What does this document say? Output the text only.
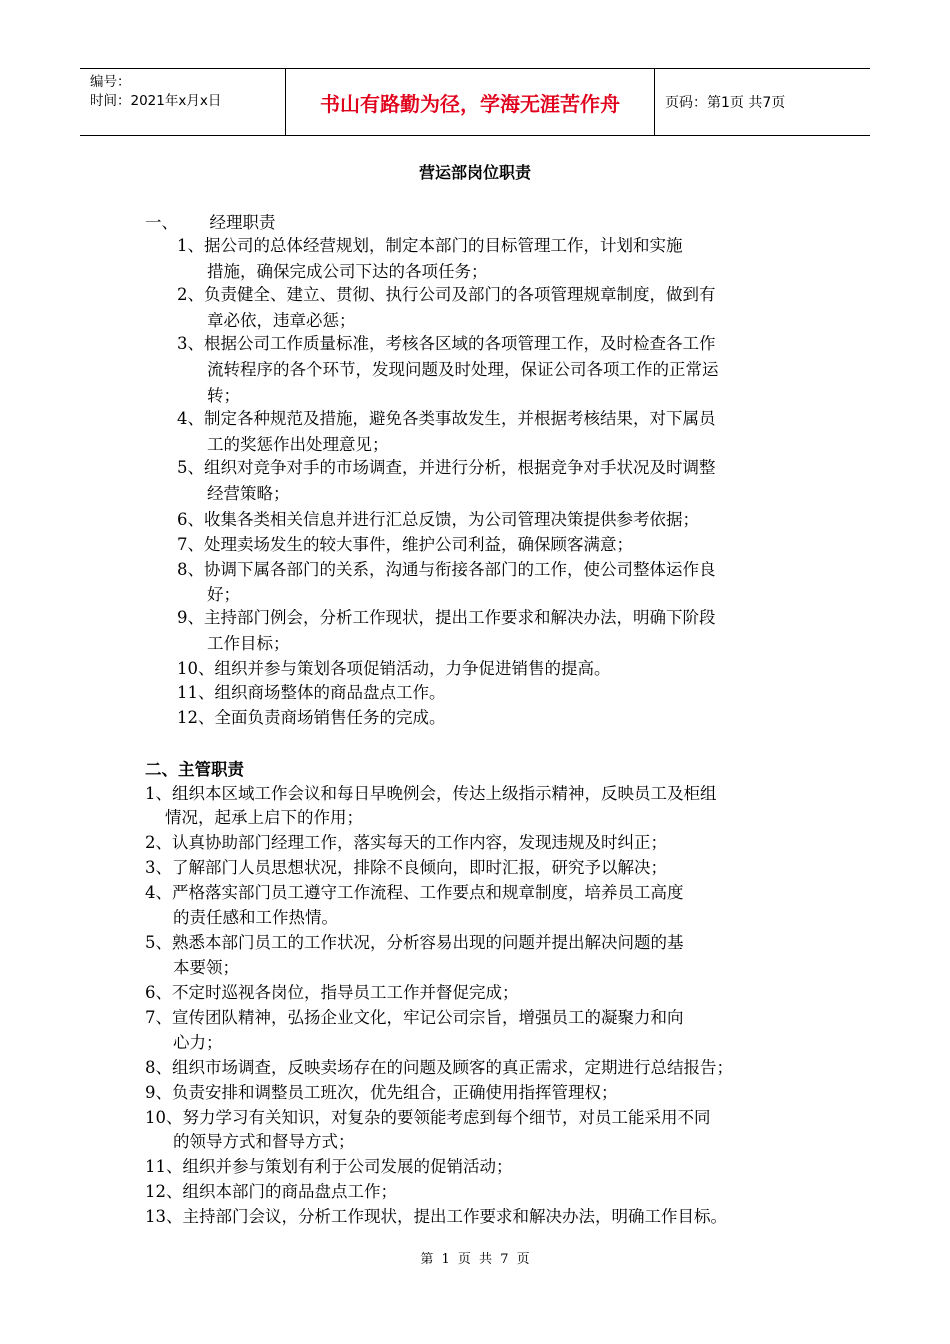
编号：
时间：2021年x月x日	书山有路勤为径，学海无涯苦作舟	页码：第1页 共7页
营运部岗位职责
一、      经理职责
1、据公司的总体经营规划，制定本部门的目标管理工作，计划和实施
措施，确保完成公司下达的各项任务；
2、负责健全、建立、贯彻、执行公司及部门的各项管理规章制度，做到有
章必依，违章必惩；
3、根据公司工作质量标准，考核各区域的各项管理工作，及时检查各工作
流转程序的各个环节，发现问题及时处理，保证公司各项工作的正常运
转；
4、制定各种规范及措施，避免各类事故发生，并根据考核结果，对下属员
工的奖惩作出处理意见；
5、组织对竞争对手的市场调查，并进行分析，根据竞争对手状况及时调整
经营策略；
6、收集各类相关信息并进行汇总反馈，为公司管理决策提供参考依据；
7、处理卖场发生的较大事件，维护公司利益，确保顾客满意；
8、协调下属各部门的关系，沟通与衔接各部门的工作，使公司整体运作良
好；
9、主持部门例会，分析工作现状，提出工作要求和解决办法，明确下阶段
工作目标；
10、组织并参与策划各项促销活动，力争促进销售的提高。
11、组织商场整体的商品盘点工作。
12、全面负责商场销售任务的完成。
二、主管职责
1、组织本区域工作会议和每日早晚例会，传达上级指示精神，反映员工及柜组
情况，起承上启下的作用；
2、认真协助部门经理工作，落实每天的工作内容，发现违规及时纠正；
3、了解部门人员思想状况，排除不良倾向，即时汇报，研究予以解决；
4、严格落实部门员工遵守工作流程、工作要点和规章制度，培养员工高度
的责任感和工作热情。
5、熟悉本部门员工的工作状况，分析容易出现的问题并提出解决问题的基
本要领；
6、不定时巡视各岗位，指导员工工作并督促完成；
7、宣传团队精神，弘扬企业文化，牢记公司宗旨，增强员工的凝聚力和向
心力；
8、组织市场调查，反映卖场存在的问题及顾客的真正需求，定期进行总结报告；
9、负责安排和调整员工班次，优先组合，正确使用指挥管理权；
10、努力学习有关知识，对复杂的要领能考虑到每个细节，对员工能采用不同
的领导方式和督导方式；
11、组织并参与策划有利于公司发展的促销活动；
12、组织本部门的商品盘点工作；
13、主持部门会议，分析工作现状，提出工作要求和解决办法，明确工作目标。
第 1 页 共 7 页
